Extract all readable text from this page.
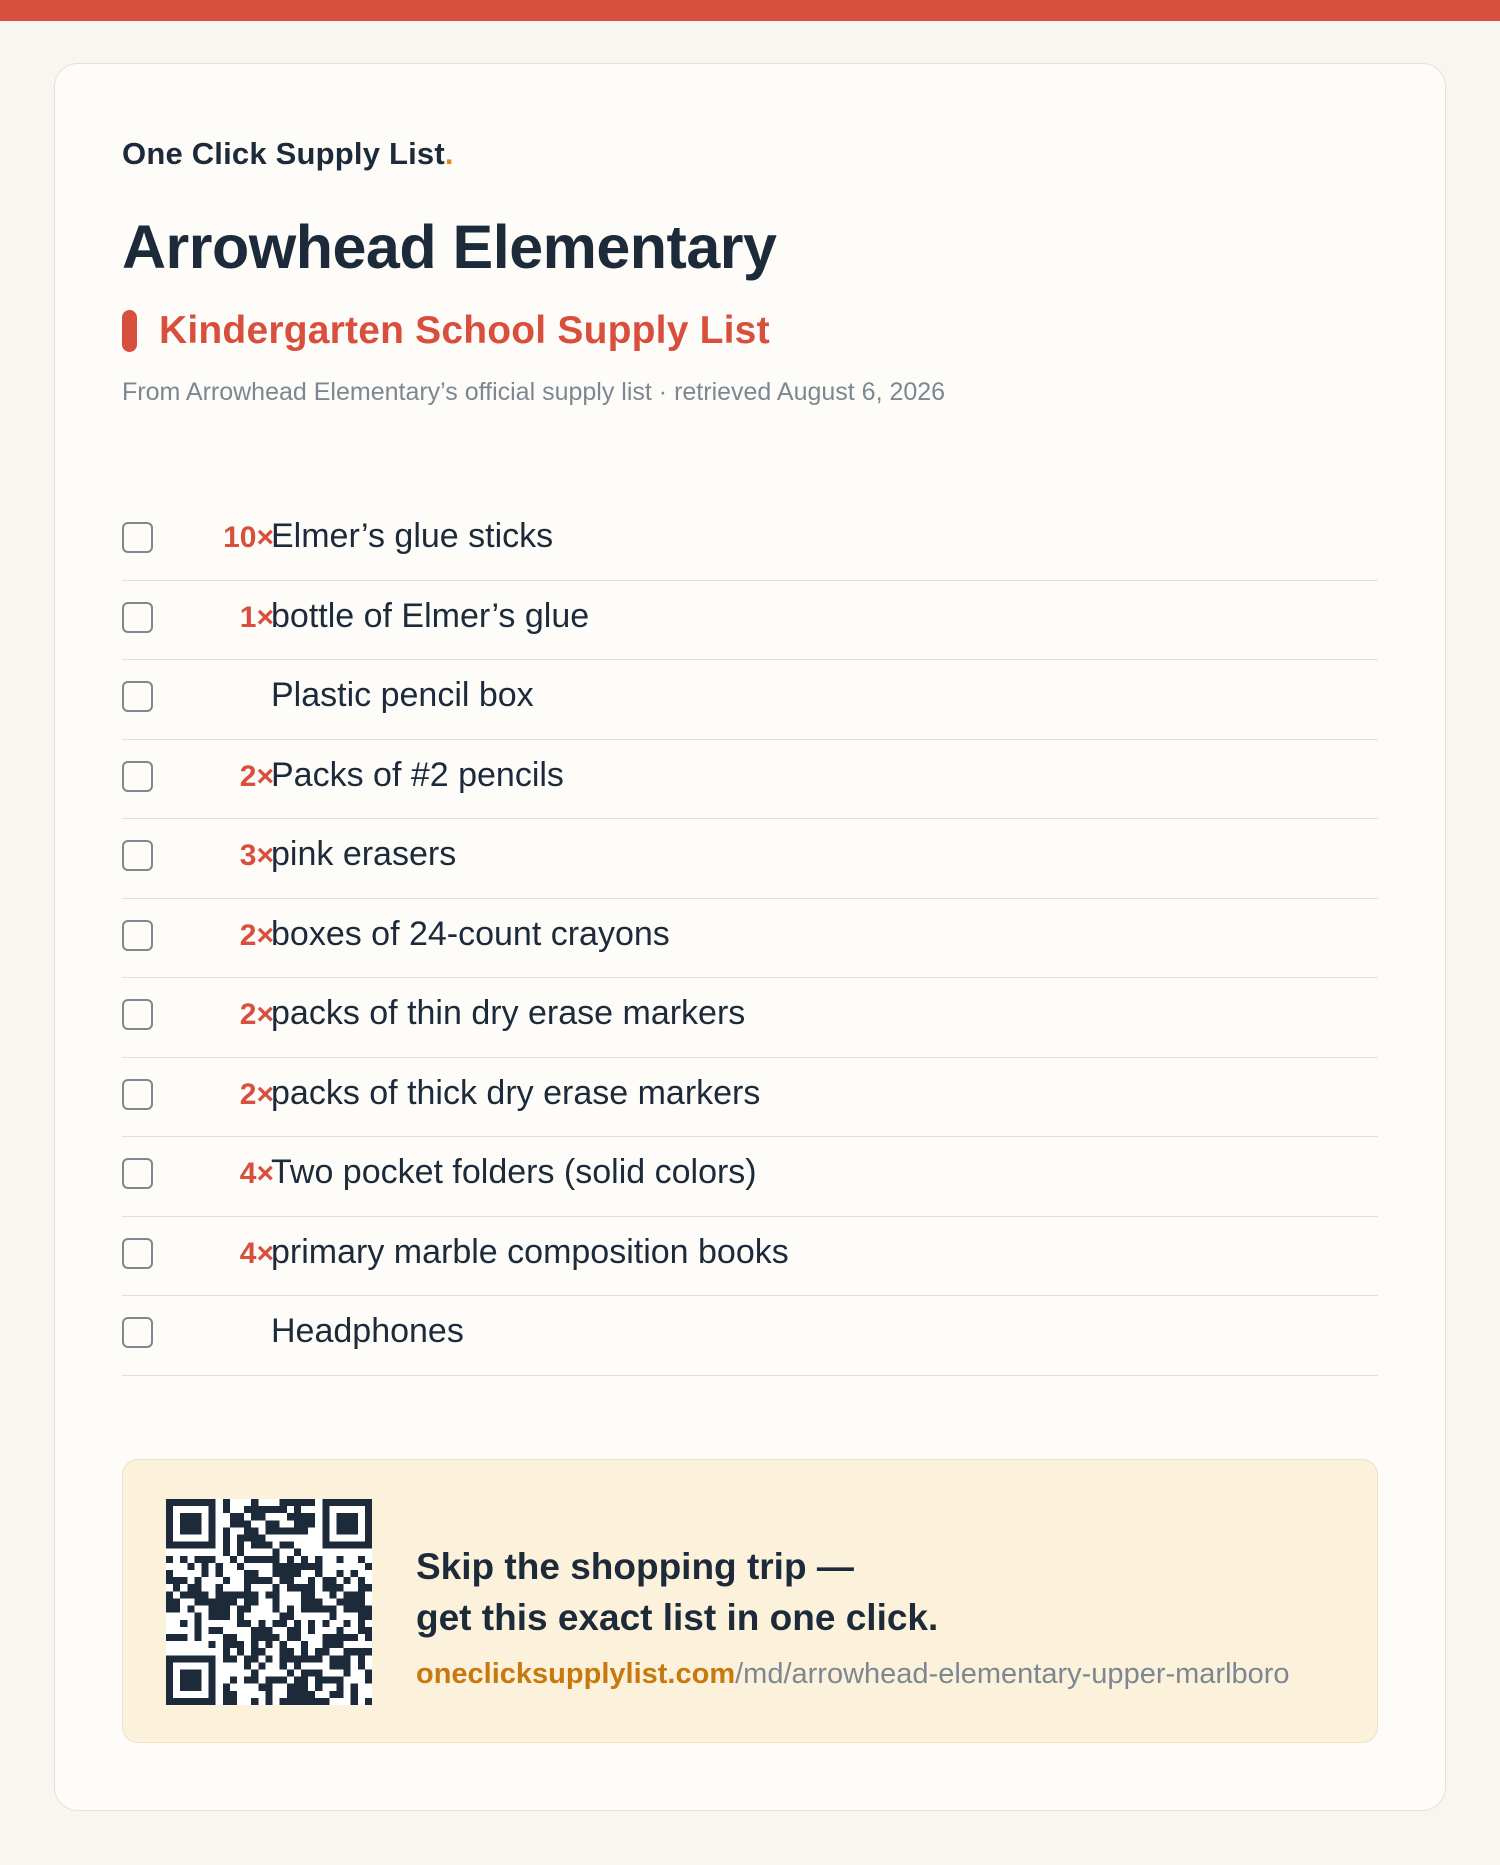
One Click Supply List.
Arrowhead Elementary
Kindergarten School Supply List
From Arrowhead Elementary’s official supply list · retrieved August 6, 2026
10×
Elmer’s glue sticks
1×
bottle of Elmer’s glue
Plastic pencil box
2×
Packs of #2 pencils
3×
pink erasers
2×
boxes of 24-count crayons
2×
packs of thin dry erase markers
2×
packs of thick dry erase markers
4×
Two pocket folders (solid colors)
4×
primary marble composition books
Headphones
Skip the shopping trip —
get this exact list in one click.
oneclicksupplylist.com/md/arrowhead-elementary-upper-marlboro
